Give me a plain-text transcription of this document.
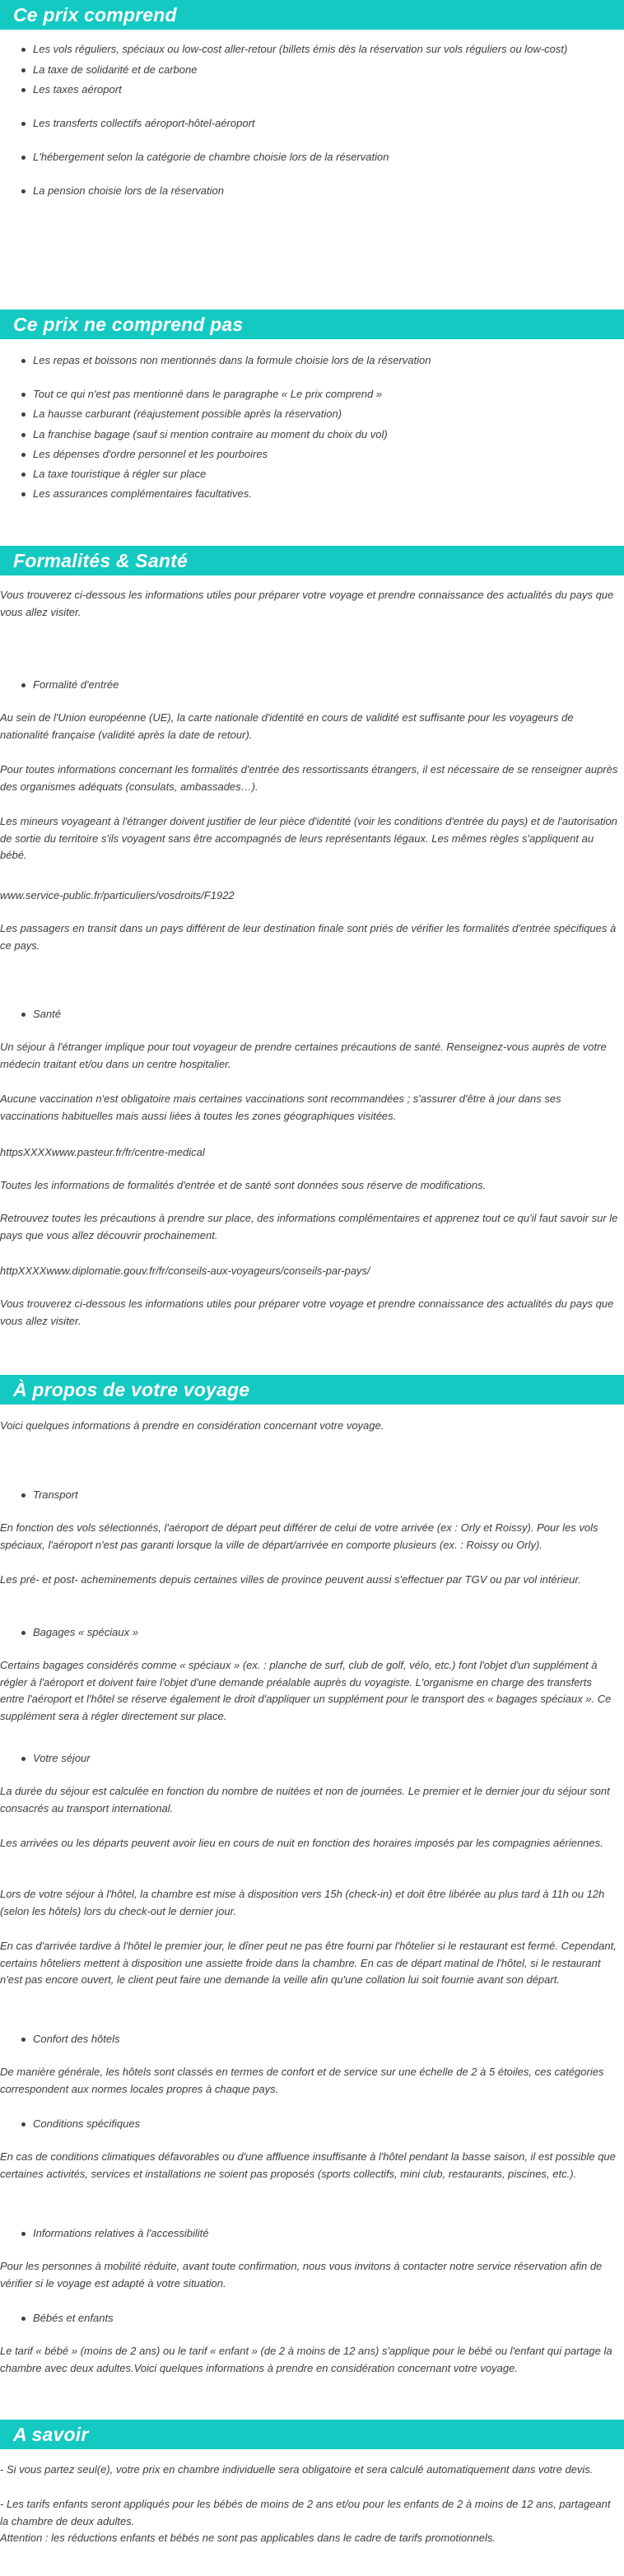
Ce prix comprend
Les vols réguliers, spéciaux ou low-cost aller-retour (billets émis dès la réservation sur vols réguliers ou low-cost)
La taxe de solidarité et de carbone
Les taxes aéroport
Les transferts collectifs aéroport-hôtel-aéroport
L'hébergement selon la catégorie de chambre choisie lors de la réservation
La pension choisie lors de la réservation
Ce prix ne comprend pas
Les repas et boissons non mentionnés dans la formule choisie lors de la réservation
Tout ce qui n'est pas mentionné dans le paragraphe « Le prix comprend »
La hausse carburant (réajustement possible après la réservation)
La franchise bagage (sauf si mention contraire au moment du choix du vol)
Les dépenses d'ordre personnel et les pourboires
La taxe touristique à régler sur place
Les assurances complémentaires facultatives.
Formalités & Santé

Vous trouverez ci-dessous les informations utiles pour préparer votre voyage et prendre connaissance des actualités du pays que vous allez visiter.

Formalité d'entrée

Au sein de l'Union européenne (UE), la carte nationale d'identité en cours de validité est suffisante pour les voyageurs de nationalité française (validité après la date de retour).

Pour toutes informations concernant les formalités d'entrée des ressortissants étrangers, il est nécessaire de se renseigner auprès des organismes adéquats (consulats, ambassades…).

Les mineurs voyageant à l'étranger doivent justifier de leur pièce d'identité (voir les conditions d'entrée du pays) et de l'autorisation de sortie du territoire s'ils voyagent sans être accompagnés de leurs représentants légaux. Les mêmes règles s'appliquent au bébé.

www.service-public.fr/particuliers/vosdroits/F1922

Les passagers en transit dans un pays différent de leur destination finale sont priés de vérifier les formalités d'entrée spécifiques à ce pays.

Santé

Un séjour à l'étranger implique pour tout voyageur de prendre certaines précautions de santé. Renseignez-vous auprès de votre médecin traitant et/ou dans un centre hospitalier.

Aucune vaccination n'est obligatoire mais certaines vaccinations sont recommandées ; s'assurer d'être à jour dans ses vaccinations habituelles mais aussi liées à toutes les zones géographiques visitées.

httpsXXXXwww.pasteur.fr/fr/centre-medical

Toutes les informations de formalités d'entrée et de santé sont données sous réserve de modifications.

Retrouvez toutes les précautions à prendre sur place, des informations complémentaires et apprenez tout ce qu'il faut savoir sur le pays que vous allez découvrir prochainement.

httpXXXXwww.diplomatie.gouv.fr/fr/conseils-aux-voyageurs/conseils-par-pays/

Vous trouverez ci-dessous les informations utiles pour préparer votre voyage et prendre connaissance des actualités du pays que vous allez visiter.

À propos de votre voyage

Voici quelques informations à prendre en considération concernant votre voyage.

Transport

En fonction des vols sélectionnés, l'aéroport de départ peut différer de celui de votre arrivée (ex : Orly et Roissy). Pour les vols spéciaux, l'aéroport n'est pas garanti lorsque la ville de départ/arrivée en comporte plusieurs (ex. : Roissy ou Orly).

Les pré- et post- acheminements depuis certaines villes de province peuvent aussi s'effectuer par TGV ou par vol intérieur.

Bagages « spéciaux »

Certains bagages considérés comme « spéciaux » (ex. : planche de surf, club de golf, vélo, etc.) font l'objet d'un supplément à régler à l'aéroport et doivent faire l'objet d'une demande préalable auprès du voyagiste. L'organisme en charge des transferts entre l'aéroport et l'hôtel se réserve également le droit d'appliquer un supplément pour le transport des « bagages spéciaux ». Ce supplément sera à régler directement sur place.

Votre séjour

La durée du séjour est calculée en fonction du nombre de nuitées et non de journées. Le premier et le dernier jour du séjour sont consacrés au transport international.

Les arrivées ou les départs peuvent avoir lieu en cours de nuit en fonction des horaires imposés par les compagnies aériennes.

Lors de votre séjour à l'hôtel, la chambre est mise à disposition vers 15h (check-in) et doit être libérée au plus tard à 11h ou 12h (selon les hôtels) lors du check-out le dernier jour.

En cas d'arrivée tardive à l'hôtel le premier jour, le dîner peut ne pas être fourni par l'hôtelier si le restaurant est fermé. Cependant, certains hôteliers mettent à disposition une assiette froide dans la chambre. En cas de départ matinal de l'hôtel, si le restaurant n'est pas encore ouvert, le client peut faire une demande la veille afin qu'une collation lui soit fournie avant son départ.

Confort des hôtels

De manière générale, les hôtels sont classés en termes de confort et de service sur une échelle de 2 à 5 étoiles, ces catégories correspondent aux normes locales propres à chaque pays.

Conditions spécifiques

En cas de conditions climatiques défavorables ou d'une affluence insuffisante à l'hôtel pendant la basse saison, il est possible que certaines activités, services et installations ne soient pas proposés (sports collectifs, mini club, restaurants, piscines, etc.).

Informations relatives à l'accessibilité

Pour les personnes à mobilité réduite, avant toute confirmation, nous vous invitons à contacter notre service réservation afin de vérifier si le voyage est adapté à votre situation.

Bébés et enfants

Le tarif « bébé » (moins de 2 ans) ou le tarif « enfant » (de 2 à moins de 12 ans) s'applique pour le bébé ou l'enfant qui partage la chambre avec deux adultes.Voici quelques informations à prendre en considération concernant votre voyage.

A savoir

- Si vous partez seul(e), votre prix en chambre individuelle sera obligatoire et sera calculé automatiquement dans votre devis.

- Les tarifs enfants seront appliqués pour les bébés de moins de 2 ans et/ou pour les enfants de 2 à moins de 12 ans, partageant la chambre de deux adultes.

Attention : les réductions enfants et bébés ne sont pas applicables dans le cadre de tarifs promotionnels.
